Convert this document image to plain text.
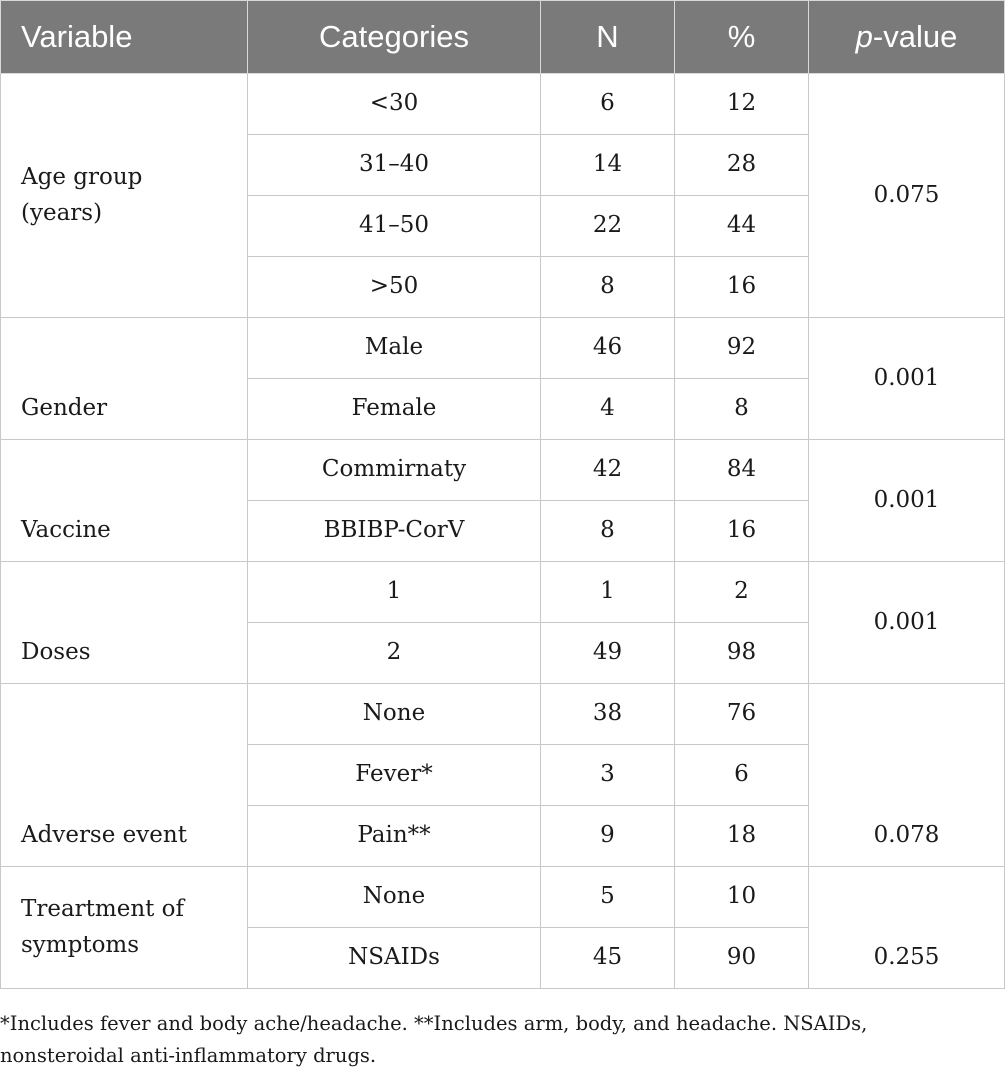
Variable	Categories	N	%	p-value
Age group
(years)	<30	6	12	0.075
	31–40	14	28	
	41–50	22	44	
	>50	8	16	
Gender	Male	46	92	0.001
	Female	4	8	
Vaccine	Commirnaty	42	84	0.001
	BBIBP-CorV	8	16	
Doses	1	1	2	0.001
	2	49	98	
Adverse event	None	38	76	0.078
	Fever*	3	6	
	Pain**	9	18	
Treartment of
symptoms	None	5	10	0.255
	NSAIDs	45	90	
*Includes fever and body ache/headache. **Includes arm, body, and headache. NSAIDs,
nonsteroidal anti-inflammatory drugs.
